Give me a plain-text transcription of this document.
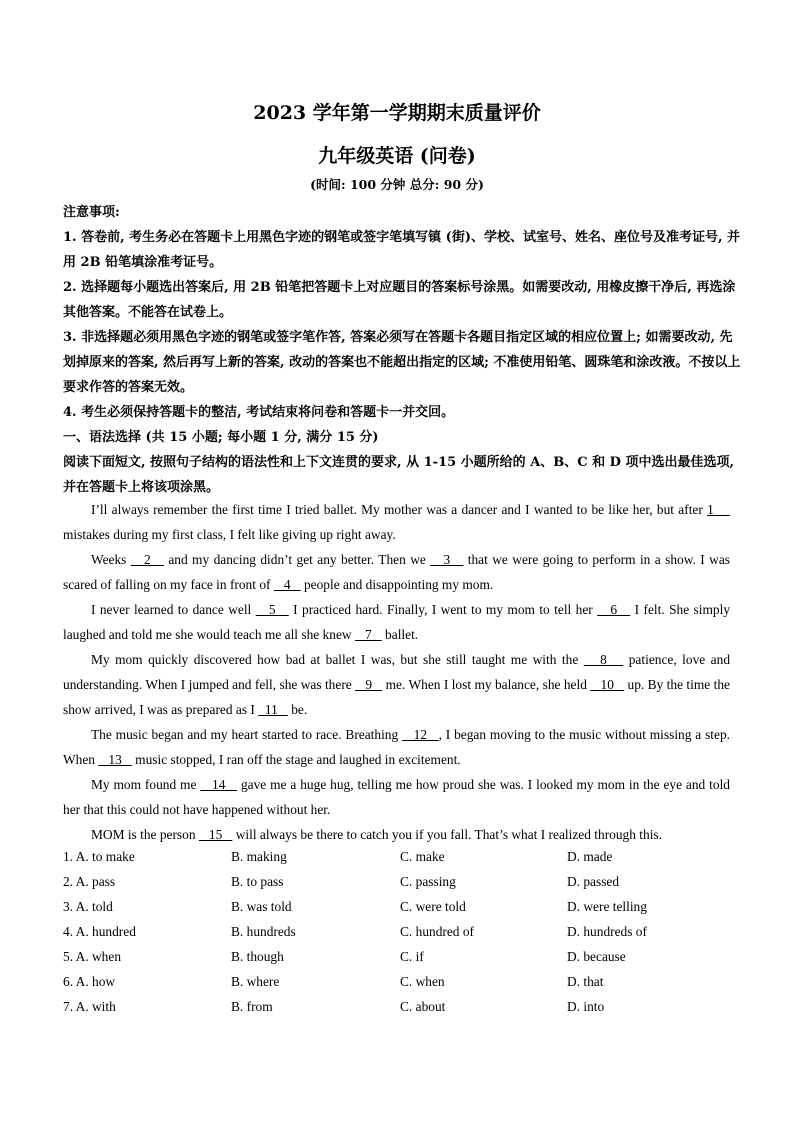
2023 学年第一学期期末质量评价
九年级英语 (问卷)
(时间: 100 分钟 总分: 90 分)

注意事项:

1. 答卷前, 考生务必在答题卡上用黑色字迹的钢笔或签字笔填写镇 (街)、学校、试室号、姓名、座位号及准考证号, 并用 2B 铅笔填涂准考证号。

2. 选择题每小题选出答案后, 用 2B 铅笔把答题卡上对应题目的答案标号涂黑。如需要改动, 用橡皮擦干净后, 再选涂其他答案。不能答在试卷上。

3. 非选择题必须用黑色字迹的钢笔或签字笔作答, 答案必须写在答题卡各题目指定区域的相应位置上; 如需要改动, 先划掉原来的答案, 然后再写上新的答案, 改动的答案也不能超出指定的区域; 不准使用铅笔、圆珠笔和涂改液。不按以上要求作答的答案无效。

4. 考生必须保持答题卡的整洁, 考试结束将问卷和答题卡一并交回。

一、语法选择 (共 15 小题; 每小题 1 分, 满分 15 分)

阅读下面短文, 按照句子结构的语法性和上下文连贯的要求, 从 1-15 小题所给的 A、B、C 和 D 项中选出最佳选项, 并在答题卡上将该项涂黑。

I’ll always remember the first time I tried ballet. My mother was a dancer and I wanted to be like her, but after 1     mistakes during my first class, I felt like giving up right away.

Weeks    2    and my dancing didn’t get any better. Then we    3    that we were going to perform in a show. I was scared of falling on my face in front of    4    people and disappointing my mom.

I never learned to dance well    5    I practiced hard. Finally, I went to my mom to tell her    6    I felt. She simply laughed and told me she would teach me all she knew    7    ballet.

My mom quickly discovered how bad at ballet I was, but she still taught me with the    8    patience, love and understanding. When I jumped and fell, she was there    9    me. When I lost my balance, she held    10    up. By the time the show arrived, I was as prepared as I   11    be.

The music began and my heart started to race. Breathing    12   , I began moving to the music without missing a step. When    13    music stopped, I ran off the stage and laughed in excitement.

My mom found me    14    gave me a huge hug, telling me how proud she was. I looked my mom in the eye and told her that this could not have happened without her.

MOM is the person    15    will always be there to catch you if you fall. That’s what I realized through this.

1. A. to make	B. making	C. make	D. made
2. A. pass	B. to pass	C. passing	D. passed
3. A. told	B. was told	C. were told	D. were telling
4. A. hundred	B. hundreds	C. hundred of	D. hundreds of
5. A. when	B. though	C. if	D. because
6. A. how	B. where	C. when	D. that
7. A. with	B. from	C. about	D. into
